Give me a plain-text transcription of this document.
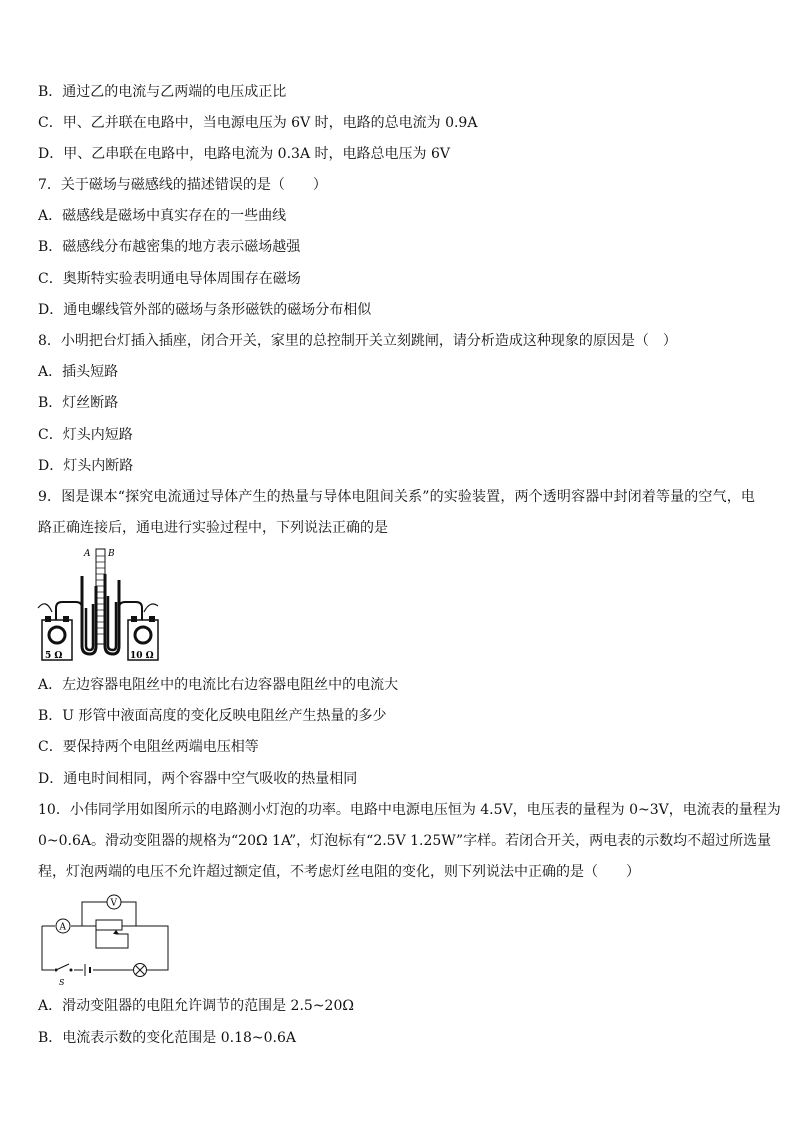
B．通过乙的电流与乙两端的电压成正比
C．甲、乙并联在电路中，当电源电压为 6V 时，电路的总电流为 0.9A
D．甲、乙串联在电路中，电路电流为 0.3A 时，电路总电压为 6V
7．关于磁场与磁感线的描述错误的是（　　）
A．磁感线是磁场中真实存在的一些曲线
B．磁感线分布越密集的地方表示磁场越强
C．奥斯特实验表明通电导体周围存在磁场
D．通电螺线管外部的磁场与条形磁铁的磁场分布相似
8．小明把台灯插入插座，闭合开关，家里的总控制开关立刻跳闸，请分析造成这种现象的原因是（　）
A．插头短路
B．灯丝断路
C．灯头内短路
D．灯头内断路
9．图是课本“探究电流通过导体产生的热量与导体电阻间关系”的实验装置，两个透明容器中封闭着等量的空气，电
路正确连接后，通电进行实验过程中，下列说法正确的是
A B
5 Ω	10 Ω
A．左边容器电阻丝中的电流比右边容器电阻丝中的电流大
B．U 形管中液面高度的变化反映电阻丝产生热量的多少
C．要保持两个电阻丝两端电压相等
D．通电时间相同，两个容器中空气吸收的热量相同
10．小伟同学用如图所示的电路测小灯泡的功率。电路中电源电压恒为 4.5V，电压表的量程为 0~3V，电流表的量程为
0~0.6A。滑动变阻器的规格为“20Ω 1A”，灯泡标有“2.5V 1.25W”字样。若闭合开关，两电表的示数均不超过所选量
程，灯泡两端的电压不允许超过额定值，不考虑灯丝电阻的变化，则下列说法中正确的是（　　）
A
V
S
A．滑动变阻器的电阻允许调节的范围是 2.5~20Ω
B．电流表示数的变化范围是 0.18~0.6A
